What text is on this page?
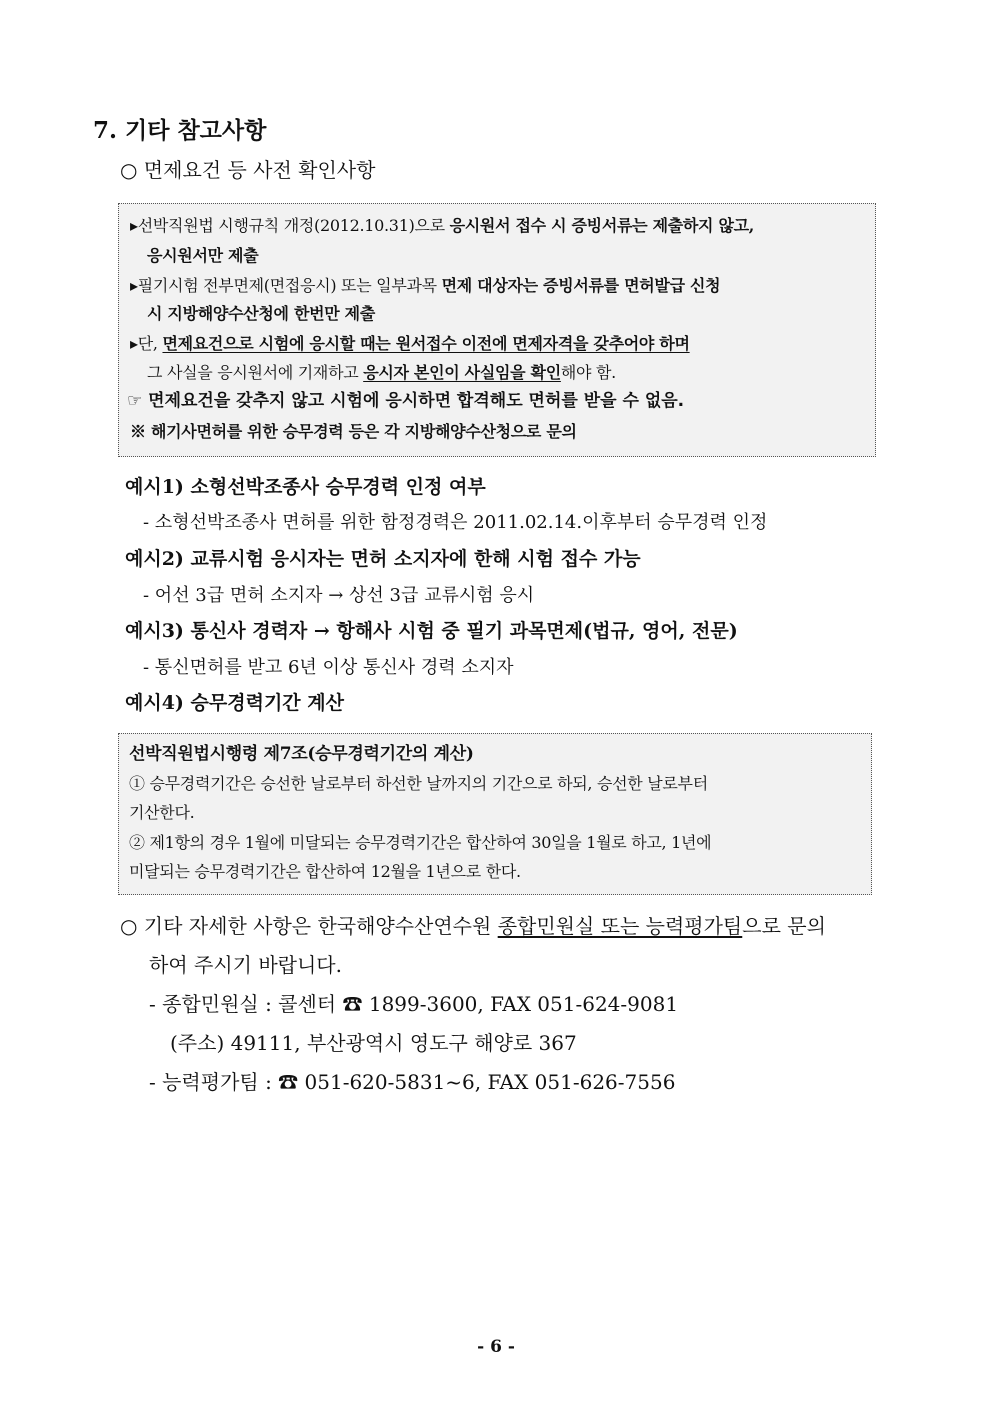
7. 기타 참고사항
○ 면제요건 등 사전 확인사항
▸선박직원법 시행규칙 개정(2012.10.31)으로 응시원서 접수 시 증빙서류는 제출하지 않고,
응시원서만 제출
▸필기시험 전부면제(면접응시) 또는 일부과목 면제 대상자는 증빙서류를 면허발급 신청
시 지방해양수산청에 한번만 제출
▸단, 면제요건으로 시험에 응시할 때는 원서접수 이전에 면제자격을 갖추어야 하며
그 사실을 응시원서에 기재하고 응시자 본인이 사실임을 확인해야 함.
☞ 면제요건을 갖추지 않고 시험에 응시하면 합격해도 면허를 받을 수 없음.
※ 해기사면허를 위한 승무경력 등은 각 지방해양수산청으로 문의
예시1) 소형선박조종사 승무경력 인정 여부
- 소형선박조종사 면허를 위한 함정경력은 2011.02.14.이후부터 승무경력 인정
예시2) 교류시험 응시자는 면허 소지자에 한해 시험 접수 가능
- 어선 3급 면허 소지자 → 상선 3급 교류시험 응시
예시3) 통신사 경력자 → 항해사 시험 중 필기 과목면제(법규, 영어, 전문)
- 통신면허를 받고 6년 이상 통신사 경력 소지자
예시4) 승무경력기간 계산
선박직원법시행령 제7조(승무경력기간의 계산)
① 승무경력기간은 승선한 날로부터 하선한 날까지의 기간으로 하되, 승선한 날로부터
기산한다.
② 제1항의 경우 1월에 미달되는 승무경력기간은 합산하여 30일을 1월로 하고, 1년에
미달되는 승무경력기간은 합산하여 12월을 1년으로 한다.
○ 기타 자세한 사항은 한국해양수산연수원 종합민원실 또는 능력평가팀으로 문의
하여 주시기 바랍니다.
- 종합민원실 : 콜센터 ☎ 1899-3600, FAX 051-624-9081
(주소) 49111, 부산광역시 영도구 해양로 367
- 능력평가팀 : ☎ 051-620-5831~6, FAX 051-626-7556
- 6 -
